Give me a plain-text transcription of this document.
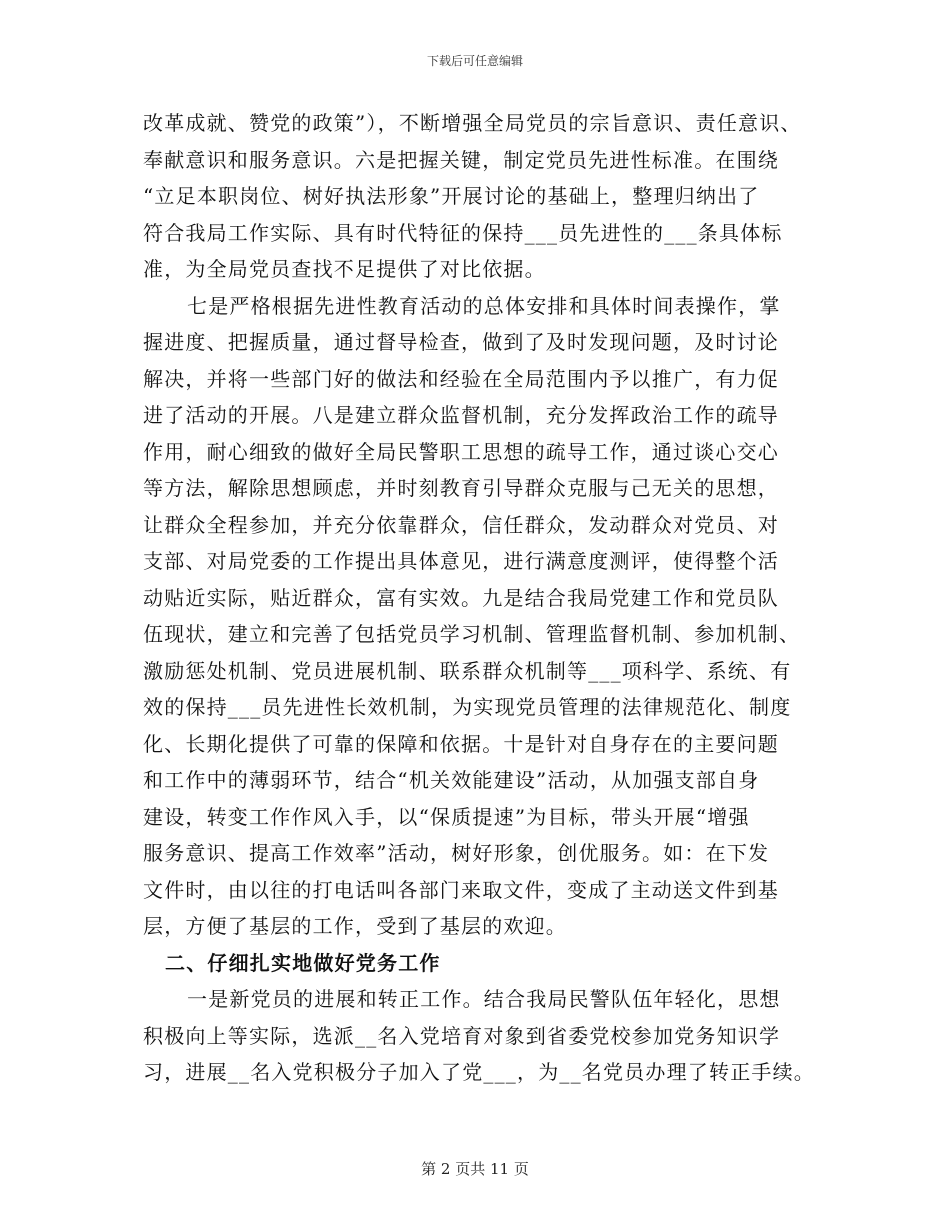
下载后可任意编辑

改革成就、赞党的政策”），不断增强全局党员的宗旨意识、责任意识、
奉献意识和服务意识。六是把握关键，制定党员先进性标准。在围绕
“立足本职岗位、树好执法形象”开展讨论的基础上，整理归纳出了
符合我局工作实际、具有时代特征的保持___员先进性的___条具体标
准，为全局党员查找不足提供了对比依据。

七是严格根据先进性教育活动的总体安排和具体时间表操作，掌
握进度、把握质量，通过督导检查，做到了及时发现问题，及时讨论
解决，并将一些部门好的做法和经验在全局范围内予以推广，有力促
进了活动的开展。八是建立群众监督机制，充分发挥政治工作的疏导
作用，耐心细致的做好全局民警职工思想的疏导工作，通过谈心交心
等方法，解除思想顾虑，并时刻教育引导群众克服与己无关的思想，
让群众全程参加，并充分依靠群众，信任群众，发动群众对党员、对
支部、对局党委的工作提出具体意见，进行满意度测评，使得整个活
动贴近实际，贴近群众，富有实效。九是结合我局党建工作和党员队
伍现状，建立和完善了包括党员学习机制、管理监督机制、参加机制、
激励惩处机制、党员进展机制、联系群众机制等___项科学、系统、有
效的保持___员先进性长效机制，为实现党员管理的法律规范化、制度
化、长期化提供了可靠的保障和依据。十是针对自身存在的主要问题
和工作中的薄弱环节，结合“机关效能建设”活动，从加强支部自身
建设，转变工作作风入手，以“保质提速”为目标，带头开展“增强
服务意识、提高工作效率”活动，树好形象，创优服务。如：在下发
文件时，由以往的打电话叫各部门来取文件，变成了主动送文件到基
层，方便了基层的工作，受到了基层的欢迎。

二、仔细扎实地做好党务工作

一是新党员的进展和转正工作。结合我局民警队伍年轻化，思想
积极向上等实际，选派__名入党培育对象到省委党校参加党务知识学
习，进展__名入党积极分子加入了党___，为__名党员办理了转正手续。

第 2 页共 11 页
